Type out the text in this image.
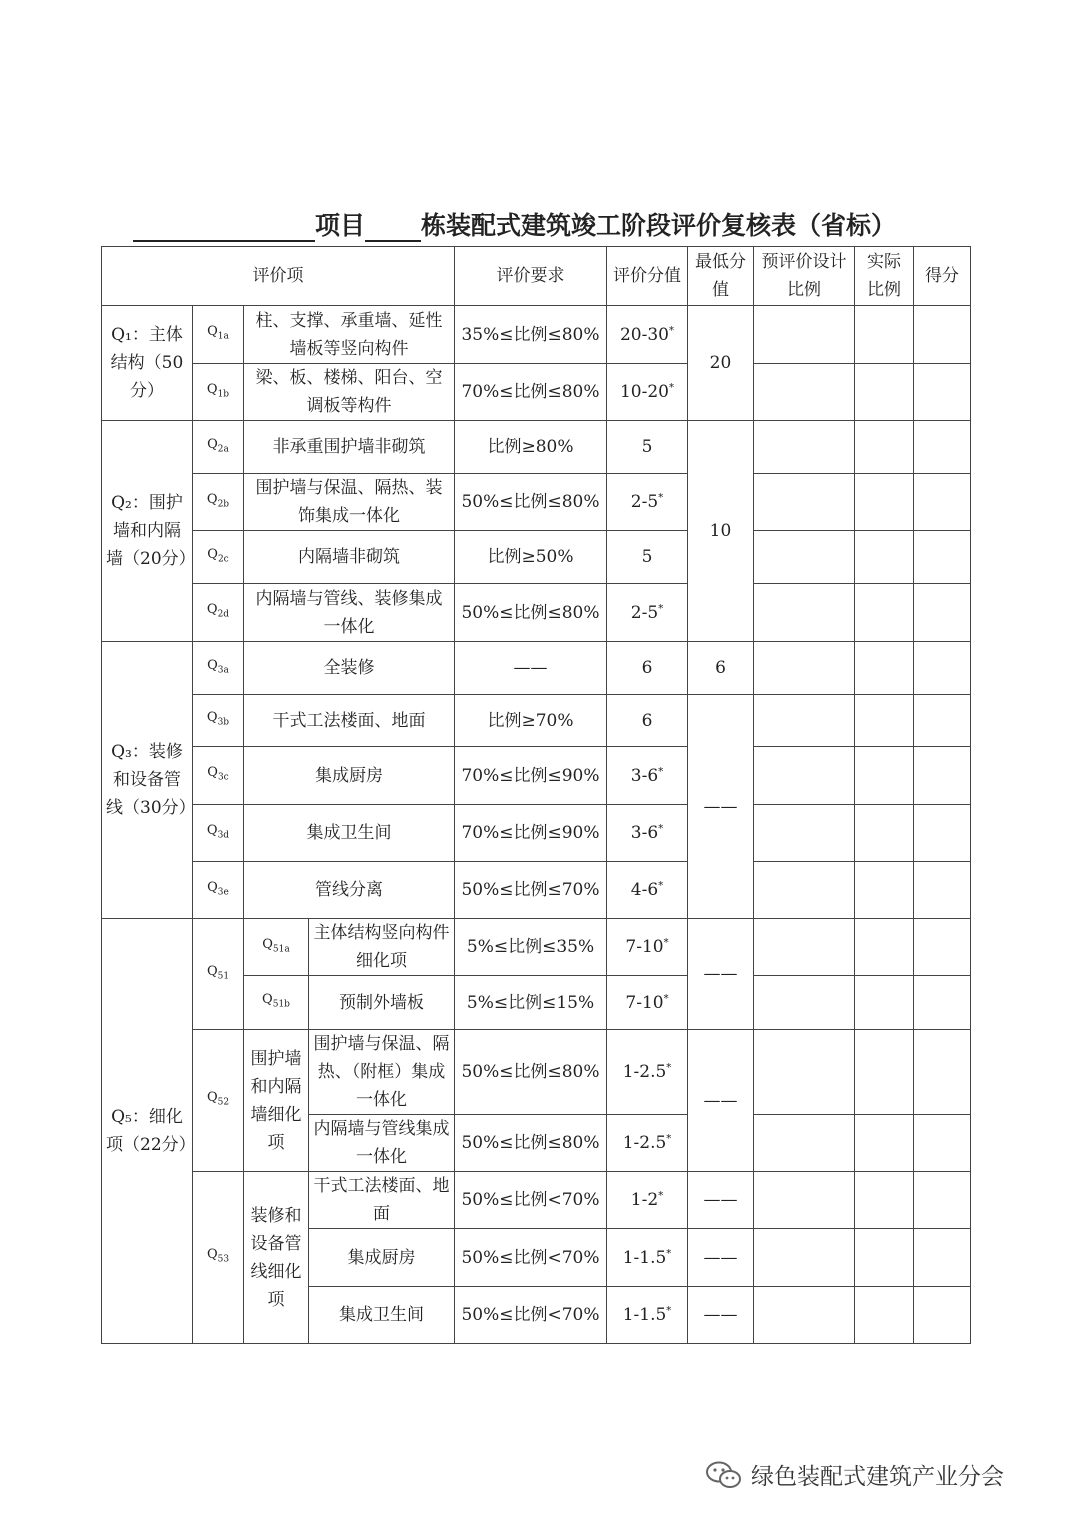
项目 栋装配式建筑竣工阶段评价复核表（省标）
评价项				评价要求	评价分值	最低分值	预评价设计比例	实际比例	得分
Q₁：主体结构（50分）	$Q_{1a}$	柱、支撑、承重墙、延性墙板等竖向构件		35%≤比例≤80%	20-30*	20			
	$Q_{1b}$	梁、板、楼梯、阳台、空调板等构件		70%≤比例≤80%	10-20*			
Q₂：围护墙和内隔墙（20分）	$Q_{2a}$	非承重围护墙非砌筑		比例≥80%	5	10			
	$Q_{2b}$	围护墙与保温、隔热、装饰集成一体化		50%≤比例≤80%	2-5*			
	$Q_{2c}$	内隔墙非砌筑		比例≥50%	5				
	$Q_{2d}$	内隔墙与管线、装修集成一体化		50%≤比例≤80%	2-5*			
Q₃：装修和设备管线（30分）	$Q_{3a}$	全装修		——	6	6			
	$Q_{3b}$	干式工法楼面、地面		比例≥70%	6	——			
	$Q_{3c}$	集成厨房		70%≤比例≤90%	3-6*			
	$Q_{3d}$	集成卫生间		70%≤比例≤90%	3-6*			
	$Q_{3e}$	管线分离		50%≤比例≤70%	4-6*			
Q₅：细化项（22分）	$Q_{51}$	$Q_{51a}$	主体结构竖向构件细化项	5%≤比例≤35%	7-10*	——			
		$Q_{51b}$	预制外墙板	5%≤比例≤15%	7-10*			
	$Q_{52}$	围护墙和内隔墙细化项	围护墙与保温、隔热、（附框）集成一体化	50%≤比例≤80%	1-2.5*	——			
			内隔墙与管线集成一体化	50%≤比例≤80%	1-2.5*			
	$Q_{53}$	装修和设备管线细化项	干式工法楼面、地面	50%≤比例<70%	1-2*	——			
			集成厨房	50%≤比例<70%	1-1.5*	——			
			集成卫生间	50%≤比例<70%	1-1.5*	——			
绿色装配式建筑产业分会
